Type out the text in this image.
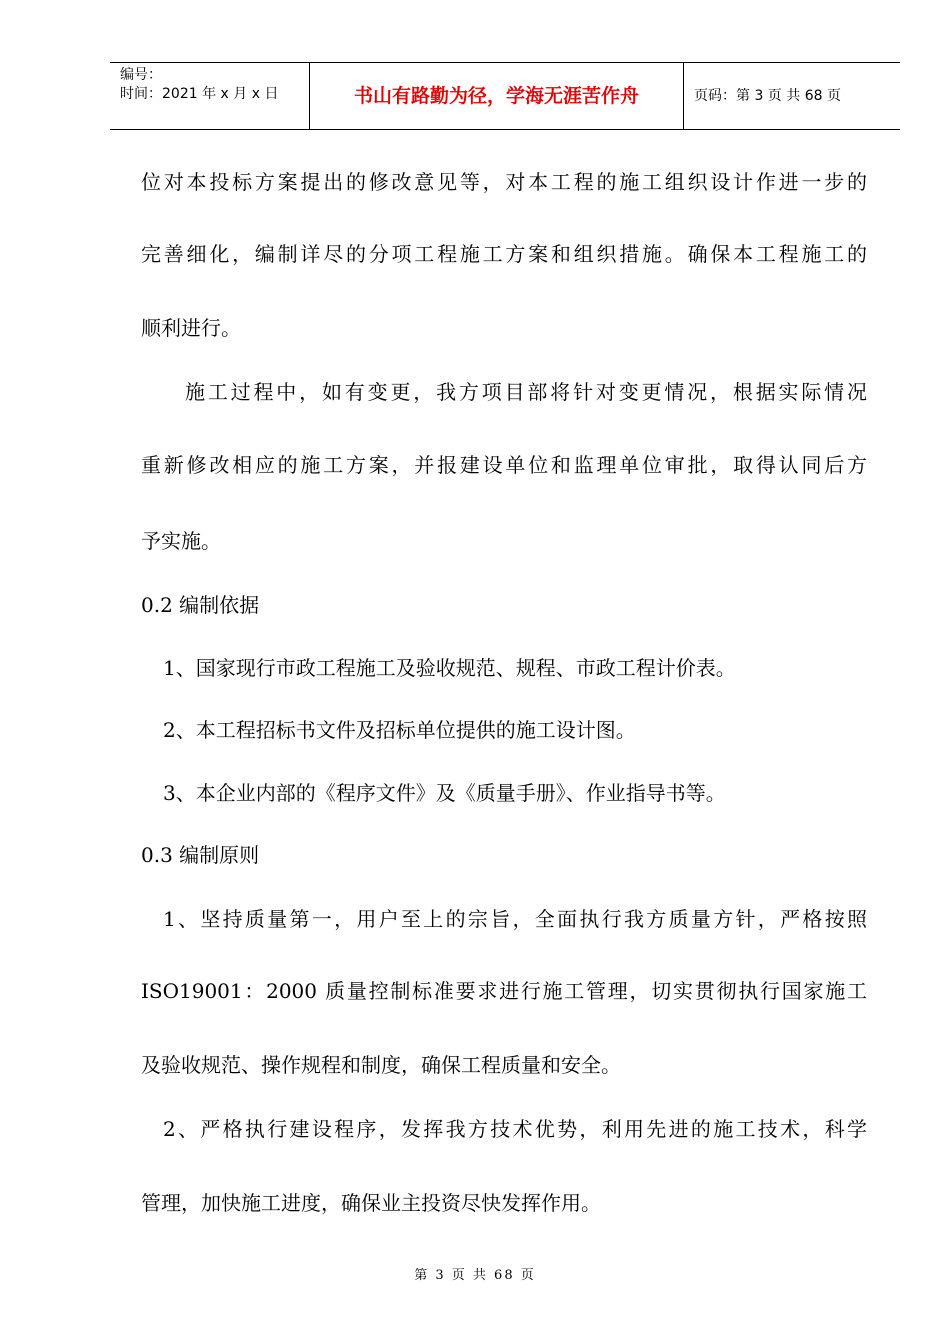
编号：
时间：2021 年 x 月 x 日	书山有路勤为径，学海无涯苦作舟	页码：第 3 页 共 68 页
位对本投标方案提出的修改意见等，对本工程的施工组织设计作进一步的
完善细化，编制详尽的分项工程施工方案和组织措施。确保本工程施工的
顺利进行。
施工过程中，如有变更，我方项目部将针对变更情况，根据实际情况
重新修改相应的施工方案，并报建设单位和监理单位审批，取得认同后方
予实施。
0.2 编制依据
1、国家现行市政工程施工及验收规范、规程、市政工程计价表。
2、本工程招标书文件及招标单位提供的施工设计图。
3、本企业内部的《程序文件》及《质量手册》、作业指导书等。
0.3 编制原则
1、坚持质量第一，用户至上的宗旨，全面执行我方质量方针，严格按照
ISO19001：2000 质量控制标准要求进行施工管理，切实贯彻执行国家施工
及验收规范、操作规程和制度，确保工程质量和安全。
2、严格执行建设程序，发挥我方技术优势，利用先进的施工技术，科学
管理，加快施工进度，确保业主投资尽快发挥作用。
第 3 页 共 68 页
